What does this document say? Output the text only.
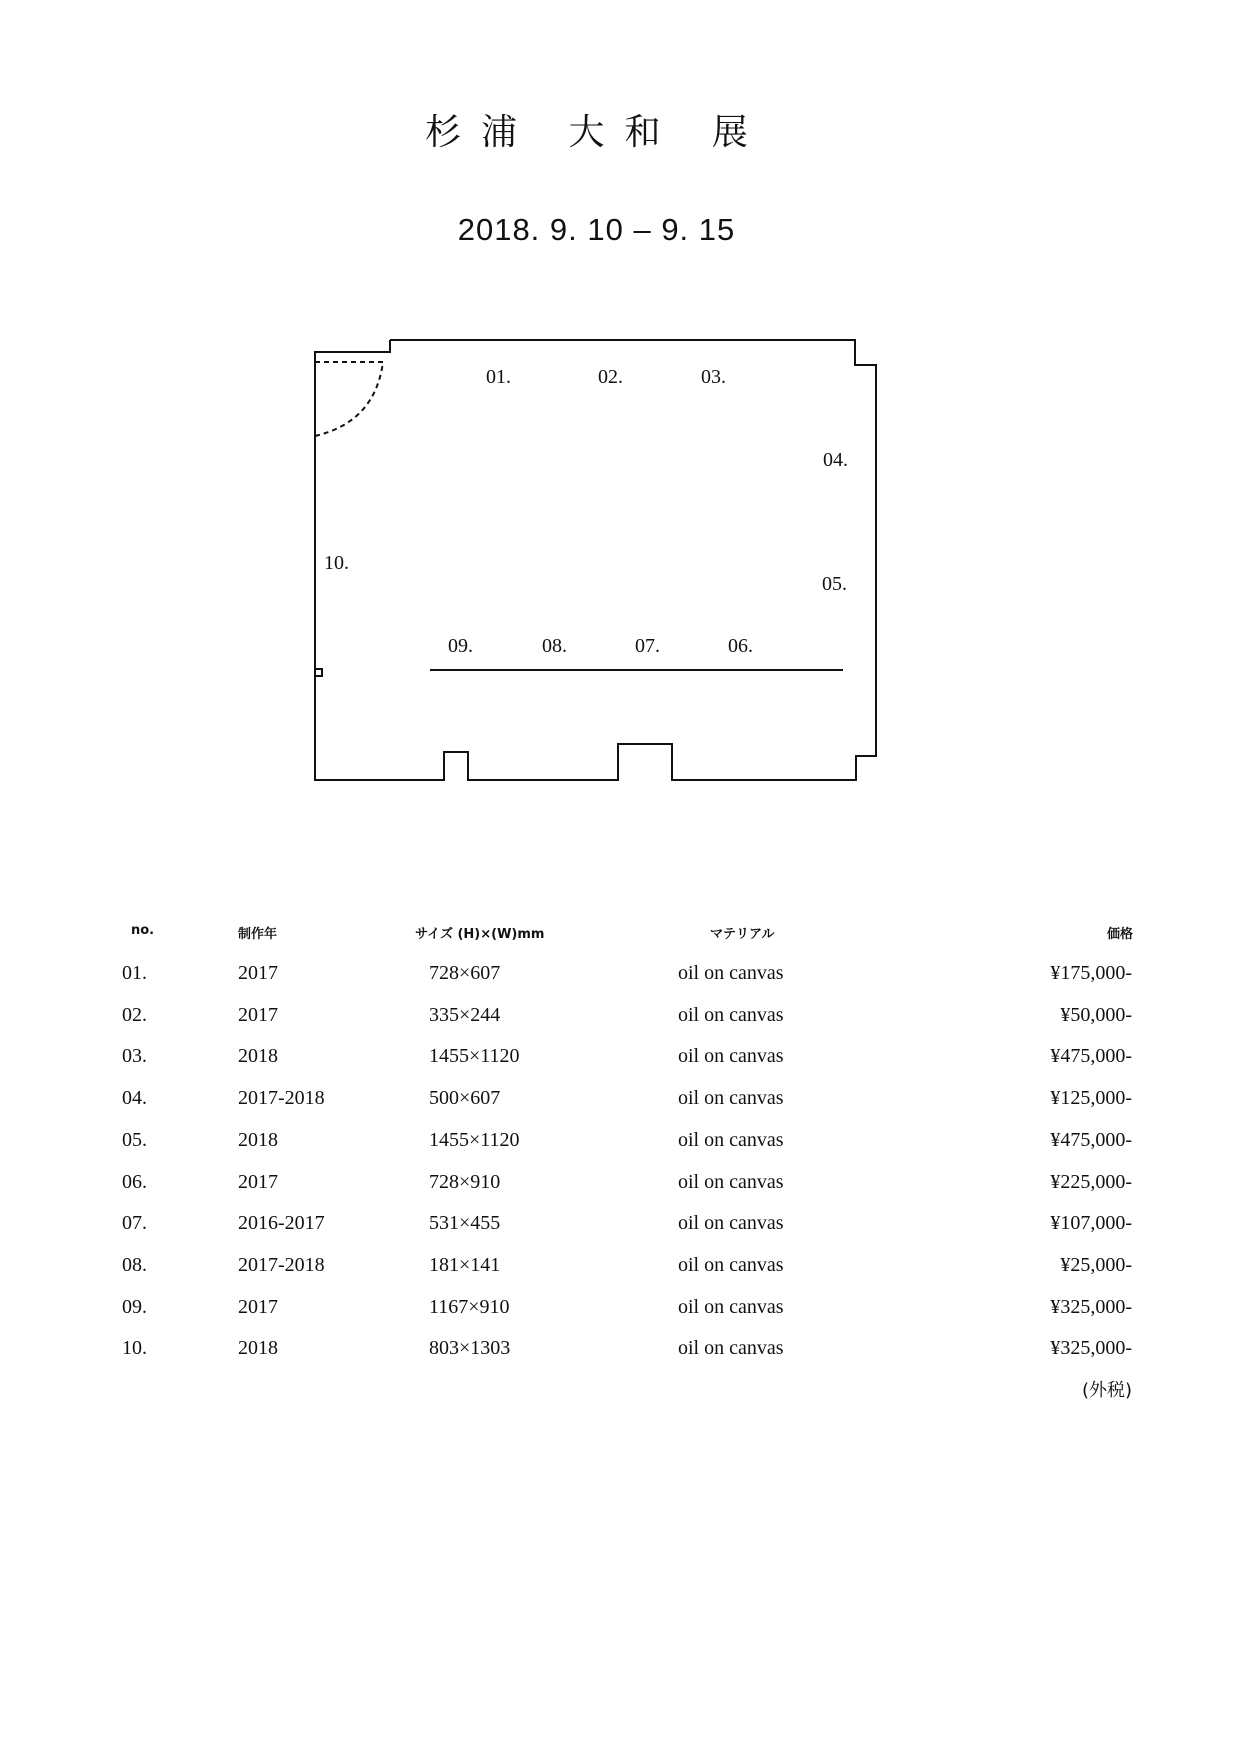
杉浦 大和 展
2018. 9. 10 – 9. 15
01.	02.	03.
04.
05.
06.
07.
08.
09.
10.
no.	制作年	サイズ (H)×(W)mm	マテリアル	価格
01.	2017	728×607	oil on canvas	¥175,000-
02.	2017	335×244	oil on canvas	¥50,000-
03.	2018	1455×1120	oil on canvas	¥475,000-
04.	2017-2018	500×607	oil on canvas	¥125,000-
05.	2018	1455×1120	oil on canvas	¥475,000-
06.	2017	728×910	oil on canvas	¥225,000-
07.	2016-2017	531×455	oil on canvas	¥107,000-
08.	2017-2018	181×141	oil on canvas	¥25,000-
09.	2017	1167×910	oil on canvas	¥325,000-
10.	2018	803×1303	oil on canvas	¥325,000-
(外税)
